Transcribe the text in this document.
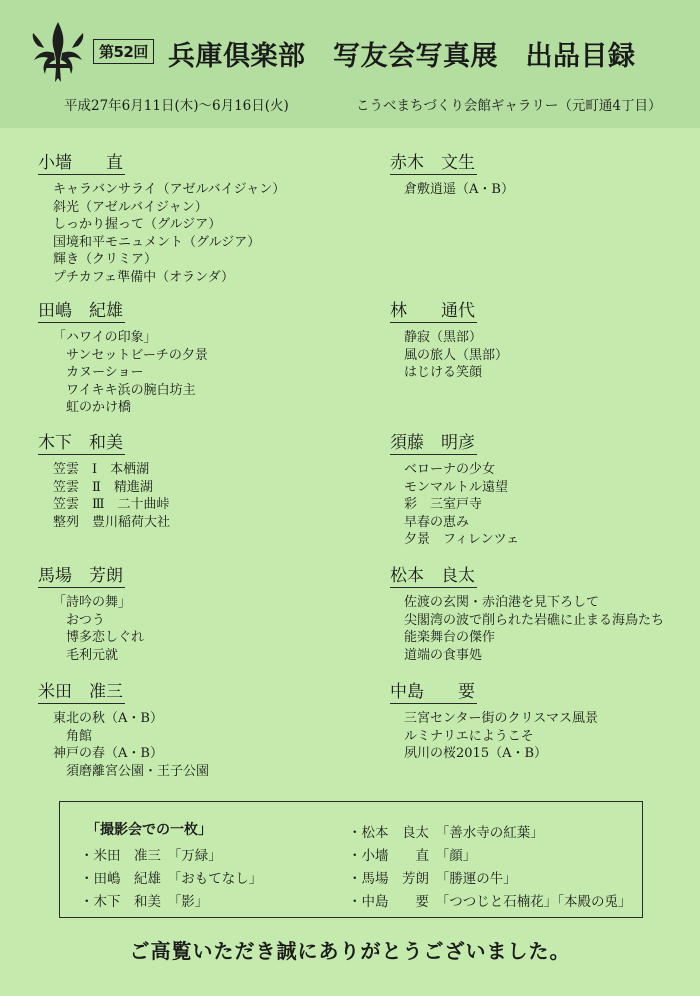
第52回 兵庫倶楽部　写友会写真展　出品目録
平成27年6月11日(木)～6月16日(火)	こうべまちづくり会館ギャラリー（元町通4丁目）
小墻　　直
キャラバンサライ（アゼルバイジャン）
斜光（アゼルバイジャン）
しっかり握って（グルジア）
国境和平モニュメント（グルジア）
輝き（クリミア）
プチカフェ準備中（オランダ）
田嶋　紀雄
「ハワイの印象」
　サンセットビーチの夕景
　カヌーショー
　ワイキキ浜の腕白坊主
　虹のかけ橋
木下　和美
笠雲　Ⅰ　本栖湖
笠雲　Ⅱ　精進湖
笠雲　Ⅲ　二十曲峠
整列　豊川稲荷大社
馬場　芳朗
「詩吟の舞」
　おつう
　博多恋しぐれ
　毛利元就
米田　准三
東北の秋（A・B）
　角館
神戸の春（A・B）
　須磨離宮公園・王子公園
赤木　文生
倉敷逍遥（A・B）
林　　通代
静寂（黒部）
風の旅人（黒部）
はじける笑顔
須藤　明彦
ベローナの少女
モンマルトル遠望
彩　三室戸寺
早春の恵み
夕景　フィレンツェ
松本　良太
佐渡の玄関・赤泊港を見下ろして
尖閣湾の波で削られた岩礁に止まる海鳥たち
能楽舞台の傑作
道端の食事処
中島　　要
三宮センター街のクリスマス風景
ルミナリエにようこそ
夙川の桜2015（A・B）
「撮影会での一枚」
・米田　准三　「万緑」
・田嶋　紀雄　「おもてなし」
・木下　和美　「影」
・松本　良太　「善水寺の紅葉」
・小墻　　直　「顔」
・馬場　芳朗　「勝運の牛」
・中島　　要　「つつじと石楠花」「本殿の兎」
ご高覧いただき誠にありがとうございました。
